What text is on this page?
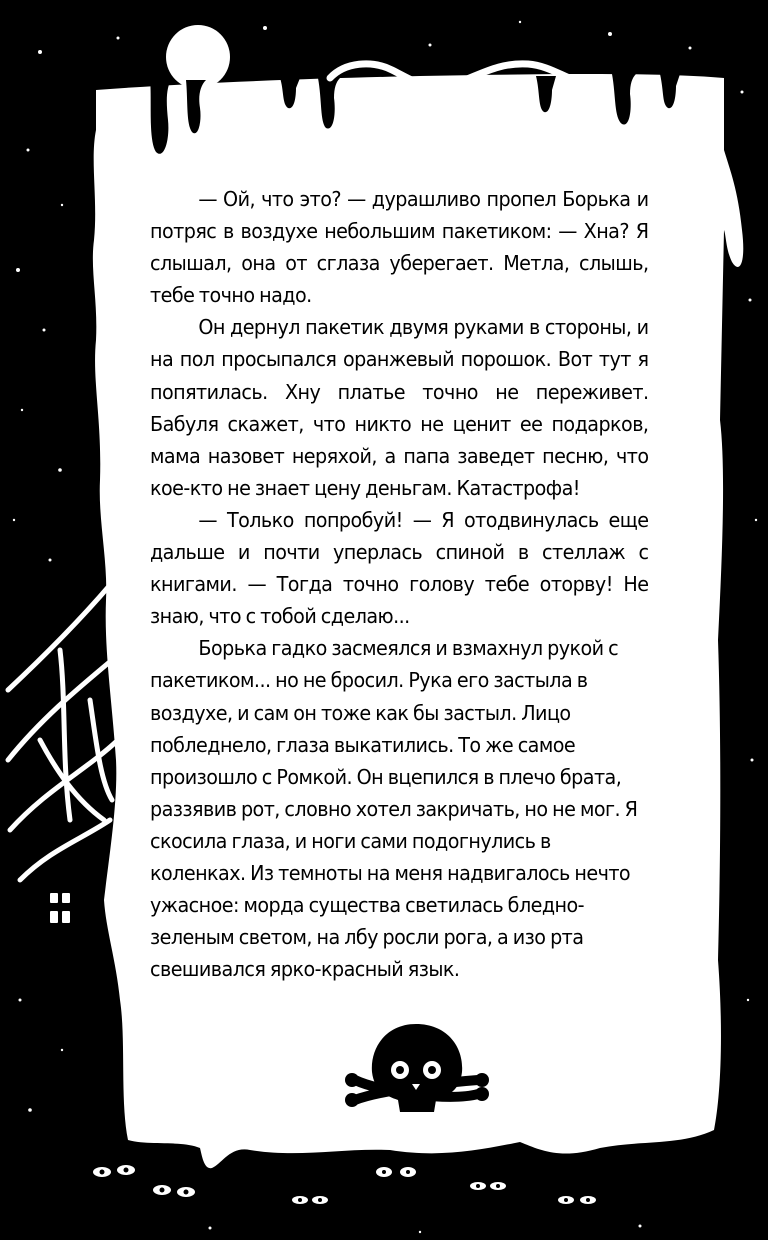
— Ой, что это? — дурашливо пропел Борька и потряс в воздухе небольшим пакетиком: — Хна? Я слышал, она от сглаза уберегает. Метла, слышь, тебе точно надо.

Он дернул пакетик двумя руками в стороны, и на пол просыпался оранжевый порошок. Вот тут я попятилась. Хну платье точно не переживет. Бабуля скажет, что никто не ценит ее подарков, мама назовет неряхой, а папа заведет песню, что кое-кто не знает цену деньгам. Катастрофа!

— Только попробуй! — Я отодвинулась еще дальше и почти уперлась спиной в стеллаж с книгами. — Тогда точно голову тебе оторву! Не знаю, что с тобой сделаю...

Борька гадко засмеялся и взмахнул рукой с пакетиком... но не бросил. Рука его застыла в воздухе, и сам он тоже как бы застыл. Лицо побледнело, глаза выкатились. То же самое произошло с Ромкой. Он вцепился в плечо брата, раззявив рот, словно хотел закричать, но не мог. Я скосила глаза, и ноги сами подогнулись в коленках. Из темноты на меня надвигалось нечто ужасное: морда существа светилась бледно-зеленым светом, на лбу росли рога, а изо рта свешивался ярко-красный язык.
